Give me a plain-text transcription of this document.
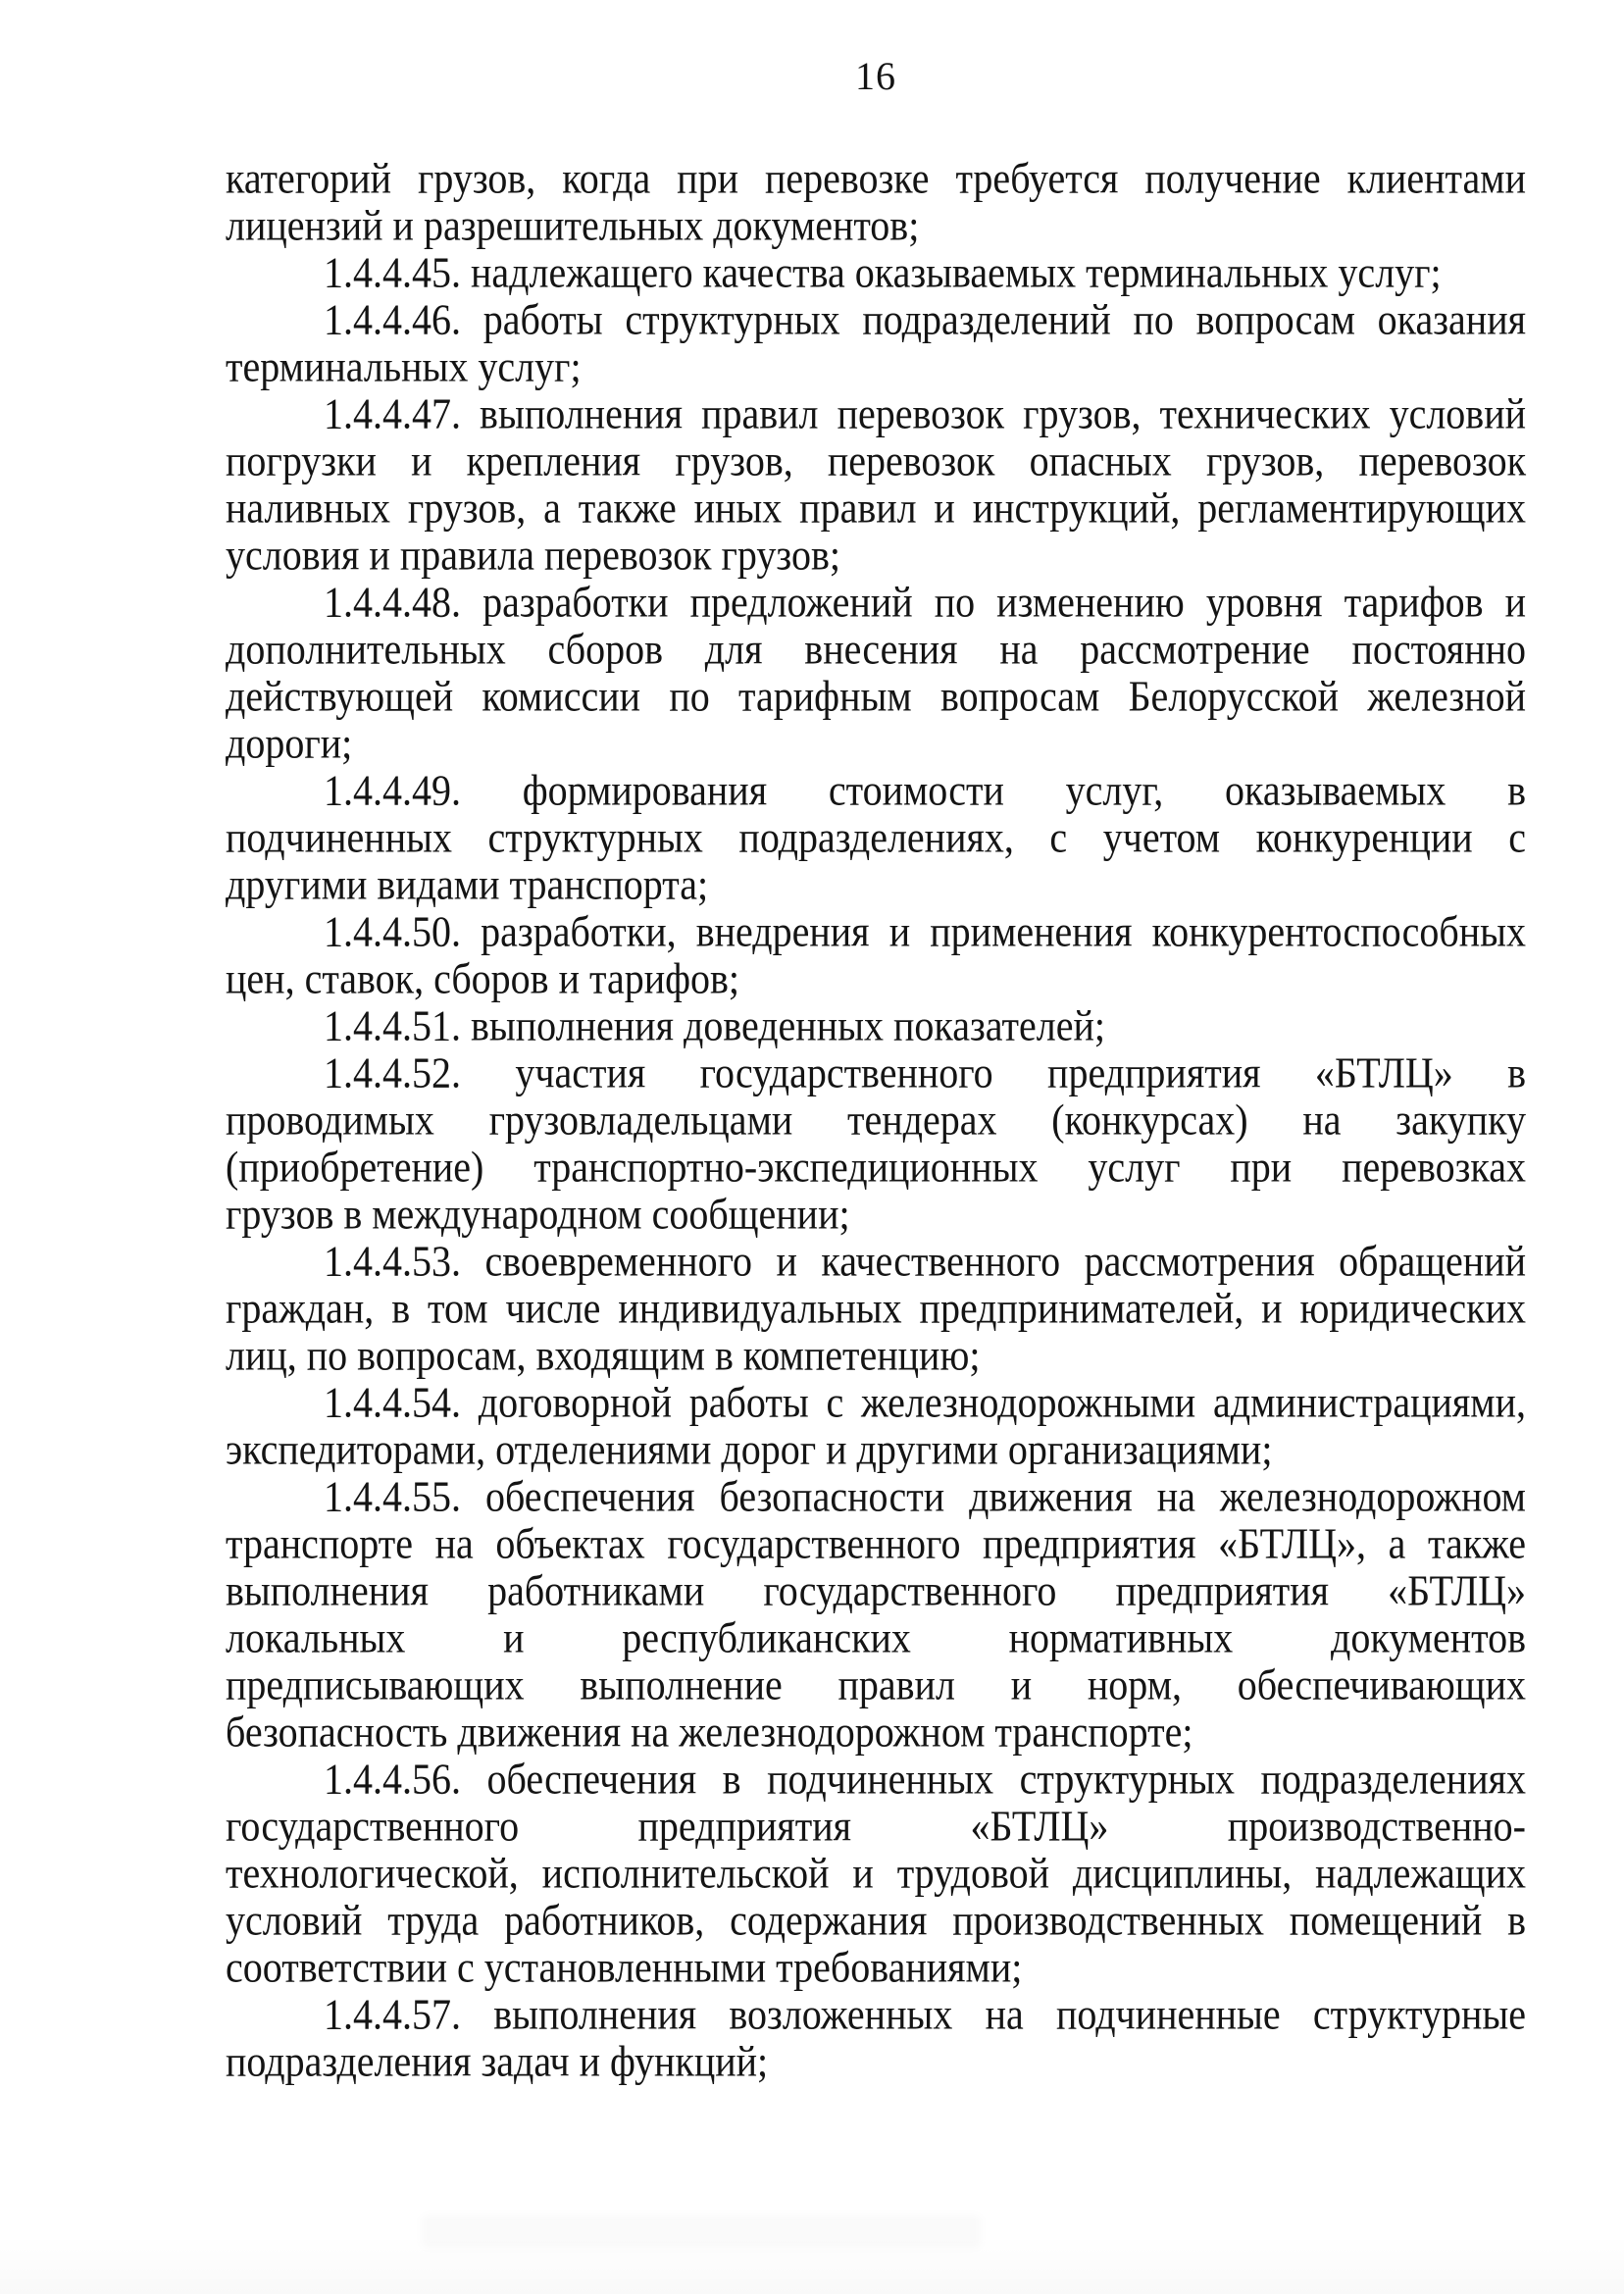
16
категорий грузов, когда при перевозке требуется получение клиентами
лицензий и разрешительных документов;
1.4.4.45. надлежащего качества оказываемых терминальных услуг;
1.4.4.46. работы структурных подразделений по вопросам оказания
терминальных услуг;
1.4.4.47. выполнения правил перевозок грузов, технических условий
погрузки и крепления грузов, перевозок опасных грузов, перевозок
наливных грузов, а также иных правил и инструкций, регламентирующих
условия и правила перевозок грузов;
1.4.4.48. разработки предложений по изменению уровня тарифов и
дополнительных сборов для внесения на рассмотрение постоянно
действующей комиссии по тарифным вопросам Белорусской железной
дороги;
1.4.4.49. формирования стоимости услуг, оказываемых в
подчиненных структурных подразделениях, с учетом конкуренции с
другими видами транспорта;
1.4.4.50. разработки, внедрения и применения конкурентоспособных
цен, ставок, сборов и тарифов;
1.4.4.51. выполнения доведенных показателей;
1.4.4.52. участия государственного предприятия «БТЛЦ» в
проводимых грузовладельцами тендерах (конкурсах) на закупку
(приобретение) транспортно-экспедиционных услуг при перевозках
грузов в международном сообщении;
1.4.4.53. своевременного и качественного рассмотрения обращений
граждан, в том числе индивидуальных предпринимателей, и юридических
лиц, по вопросам, входящим в компетенцию;
1.4.4.54. договорной работы с железнодорожными администрациями,
экспедиторами, отделениями дорог и другими организациями;
1.4.4.55. обеспечения безопасности движения на железнодорожном
транспорте на объектах государственного предприятия «БТЛЦ», а также
выполнения работниками государственного предприятия «БТЛЦ»
локальных и республиканских нормативных документов
предписывающих выполнение правил и норм, обеспечивающих
безопасность движения на железнодорожном транспорте;
1.4.4.56. обеспечения в подчиненных структурных подразделениях
государственного предприятия «БТЛЦ» производственно-
технологической, исполнительской и трудовой дисциплины, надлежащих
условий труда работников, содержания производственных помещений в
соответствии с установленными требованиями;
1.4.4.57. выполнения возложенных на подчиненные структурные
подразделения задач и функций;
